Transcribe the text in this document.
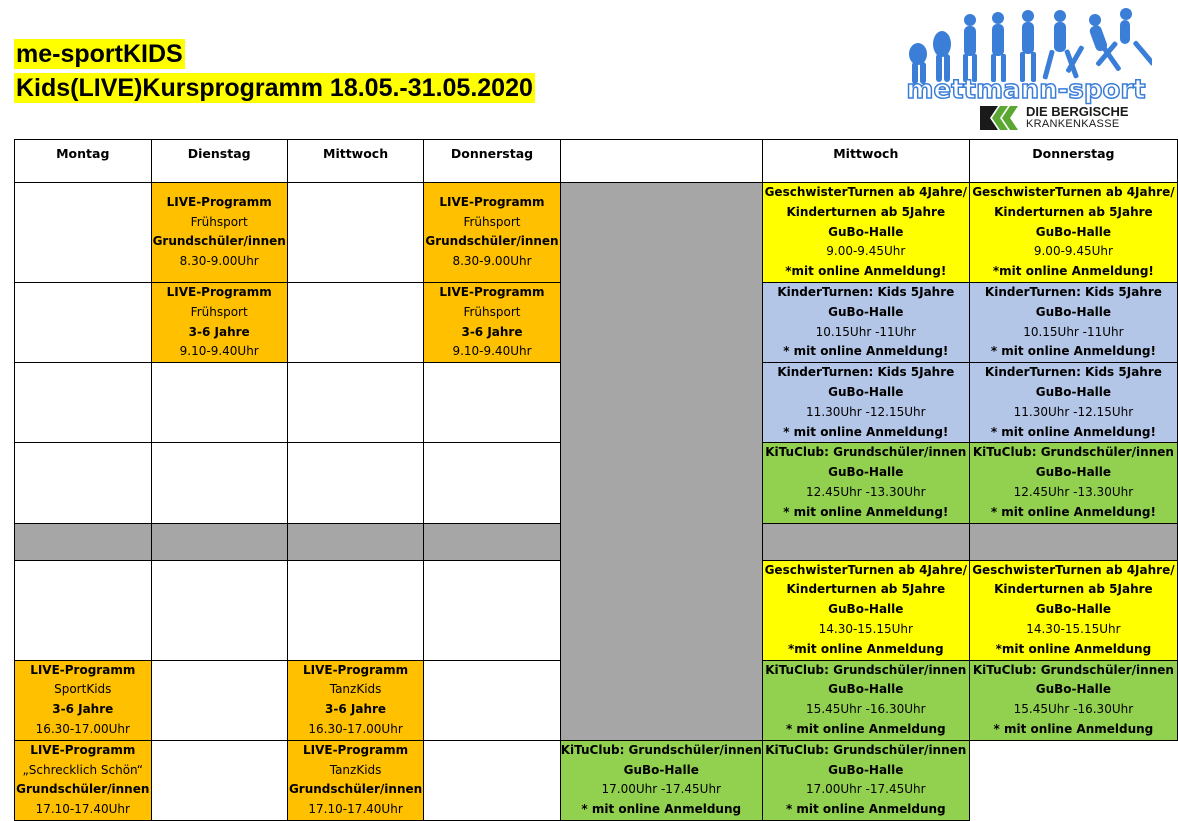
me-sportKIDS
Kids(LIVE)Kursprogramm 18.05.-31.05.2020	mettmann-sport
DIE BERGISCHE
KRANKENKASSE
Montag	Dienstag	Mittwoch	Donnerstag		Mittwoch	Donnerstag

	LIVE-Programm
Frühsport
Grundschüler/innen
8.30-9.00Uhr		LIVE-Programm
Frühsport
Grundschüler/innen
8.30-9.00Uhr		GeschwisterTurnen ab 4Jahre/
Kinderturnen ab 5Jahre
GuBo-Halle
9.00-9.45Uhr
*mit online Anmeldung!	GeschwisterTurnen ab 4Jahre/
Kinderturnen ab 5Jahre
GuBo-Halle
9.00-9.45Uhr
*mit online Anmeldung!

	LIVE-Programm
Frühsport
3-6 Jahre
9.10-9.40Uhr		LIVE-Programm
Frühsport
3-6 Jahre
9.10-9.40Uhr		KinderTurnen: Kids 5Jahre
GuBo-Halle
10.15Uhr -11Uhr
* mit online Anmeldung!	KinderTurnen: Kids 5Jahre
GuBo-Halle
10.15Uhr -11Uhr
* mit online Anmeldung!

					KinderTurnen: Kids 5Jahre
GuBo-Halle
11.30Uhr -12.15Uhr
* mit online Anmeldung!	KinderTurnen: Kids 5Jahre
GuBo-Halle
11.30Uhr -12.15Uhr
* mit online Anmeldung!

					KiTuClub: Grundschüler/innen
GuBo-Halle
12.45Uhr -13.30Uhr
* mit online Anmeldung!	KiTuClub: Grundschüler/innen
GuBo-Halle
12.45Uhr -13.30Uhr
* mit online Anmeldung!

					GeschwisterTurnen ab 4Jahre/
Kinderturnen ab 5Jahre
GuBo-Halle
14.30-15.15Uhr
*mit online Anmeldung	GeschwisterTurnen ab 4Jahre/
Kinderturnen ab 5Jahre
GuBo-Halle
14.30-15.15Uhr
*mit online Anmeldung

LIVE-Programm
SportKids
3-6 Jahre
16.30-17.00Uhr		LIVE-Programm
TanzKids
3-6 Jahre
16.30-17.00Uhr			KiTuClub: Grundschüler/innen
GuBo-Halle
15.45Uhr -16.30Uhr
* mit online Anmeldung	KiTuClub: Grundschüler/innen
GuBo-Halle
15.45Uhr -16.30Uhr
* mit online Anmeldung

LIVE-Programm
„Schrecklich Schön“
Grundschüler/innen
17.10-17.40Uhr		LIVE-Programm
TanzKids
Grundschüler/innen
17.10-17.40Uhr		KiTuClub: Grundschüler/innen
GuBo-Halle
17.00Uhr -17.45Uhr
* mit online Anmeldung	KiTuClub: Grundschüler/innen
GuBo-Halle
17.00Uhr -17.45Uhr
* mit online Anmeldung	
